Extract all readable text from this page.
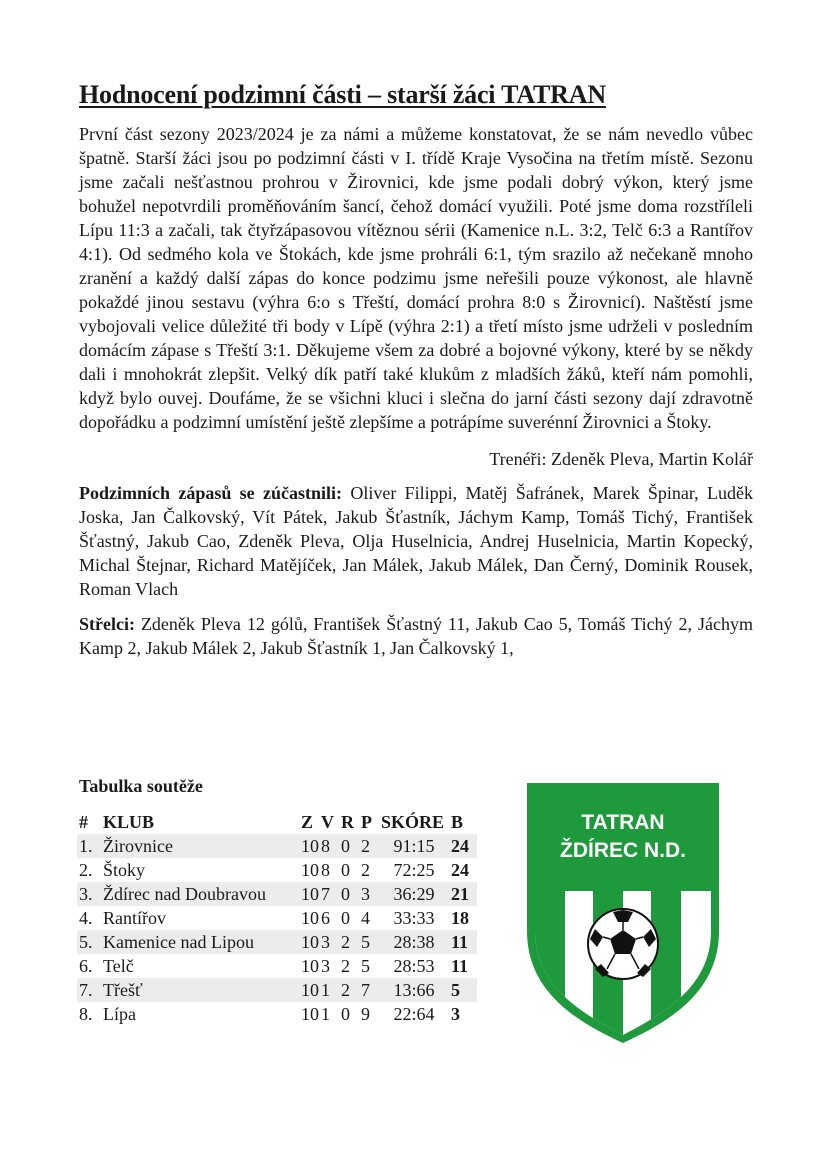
Hodnocení podzimní části – starší žáci TATRAN

První část sezony 2023/2024 je za námi a můžeme konstatovat, že se nám nevedlo vůbec špatně. Starší žáci jsou po podzimní části v I. třídě Kraje Vysočina na třetím místě. Sezonu jsme začali nešťastnou prohrou v Žirovnici, kde jsme podali dobrý výkon, který jsme bohužel nepotvrdili proměňováním šancí, čehož domácí využili. Poté jsme doma rozstříleli Lípu 11:3 a začali, tak čtyřzápasovou vítěznou sérii (Kamenice n.L. 3:2, Telč 6:3 a Rantířov 4:1). Od sedmého kola ve Štokách, kde jsme prohráli 6:1, tým srazilo až nečekaně mnoho zranění a každý další zápas do konce podzimu jsme neřešili pouze výkonost, ale hlavně pokaždé jinou sestavu (výhra 6:o s Třeští, domácí prohra 8:0 s Žirovnicí). Naštěstí jsme vybojovali velice důležité tři body v Lípě (výhra 2:1) a třetí místo jsme udrželi v posledním domácím zápase s Třeští 3:1. Děkujeme všem za dobré a bojovné výkony, které by se někdy dali i mnohokrát zlepšit. Velký dík patří také klukům z mladších žáků, kteří nám pomohli, když bylo ouvej. Doufáme, že se všichni kluci i slečna do jarní části sezony dají zdravotně dopořádku a podzimní umístění ještě zlepšíme a potrápíme suverénní Žirovnici a Štoky.

Trenéři: Zdeněk Pleva, Martin Kolář

Podzimních zápasů se zúčastnili: Oliver Filippi, Matěj Šafránek, Marek Špinar, Luděk Joska, Jan Čalkovský, Vít Pátek, Jakub Šťastník, Jáchym Kamp, Tomáš Tichý, František Šťastný, Jakub Cao, Zdeněk Pleva, Olja Huselnicia, Andrej Huselnicia, Martin Kopecký, Michal Štejnar, Richard Matějíček, Jan Málek, Jakub Málek, Dan Černý, Dominik Rousek, Roman Vlach

Střelci: Zdeněk Pleva 12 gólů, František Šťastný 11, Jakub Cao 5, Tomáš Tichý 2, Jáchym Kamp 2, Jakub Málek 2, Jakub Šťastník 1, Jan Čalkovský 1,

Tabulka soutěže

#	KLUB	Z	V	R	P	SKÓRE	B
1.	Žirovnice	10	8	0	2	91:15	24
2.	Štoky	10	8	0	2	72:25	24
3.	Ždírec nad Doubravou	10	7	0	3	36:29	21
4.	Rantířov	10	6	0	4	33:33	18
5.	Kamenice nad Lipou	10	3	2	5	28:38	11
6.	Telč	10	3	2	5	28:53	11
7.	Třešť	10	1	2	7	13:66	5
8.	Lípa	10	1	0	9	22:64	3
TATRAN
ŽDÍREC N.D.
